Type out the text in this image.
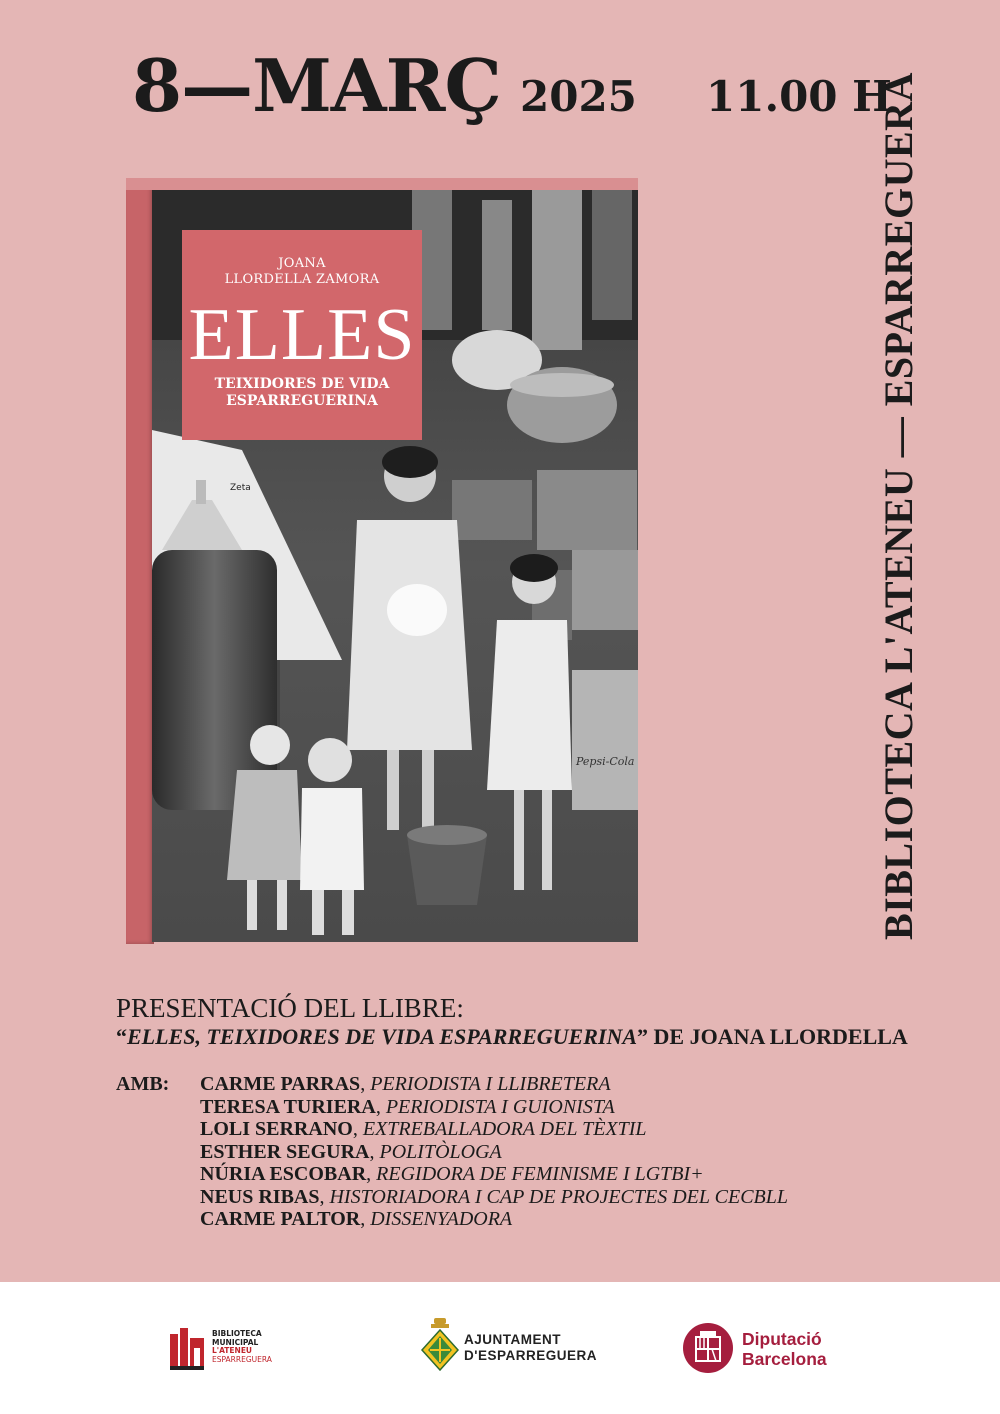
8—MARÇ 2025 11.00 H
Zeta
Pepsi-Cola
JOANA
LLORDELLA ZAMORA
ELLES
TEIXIDORES DE VIDA
ESPARREGUERINA	BIBLIOTECA L'ATENEU — ESPARREGUERA
PRESENTACIÓ DEL LLIBRE:
“ELLES, TEIXIDORES DE VIDA ESPARREGUERINA” DE JOANA LLORDELLA
AMB: CARME PARRAS, PERIODISTA I LLIBRETERA
TERESA TURIERA, PERIODISTA I GUIONISTA
LOLI SERRANO, EXTREBALLADORA DEL TÈXTIL
ESTHER SEGURA, POLITÒLOGA
NÚRIA ESCOBAR, REGIDORA DE FEMINISME I LGTBI+
NEUS RIBAS, HISTORIADORA I CAP DE PROJECTES DEL CECBLL
CARME PALTOR, DISSENYADORA
BIBLIOTECA
MUNICIPAL
L'ATENEU
ESPARREGUERA
AJUNTAMENT
D'ESPARREGUERA
Diputació
Barcelona
